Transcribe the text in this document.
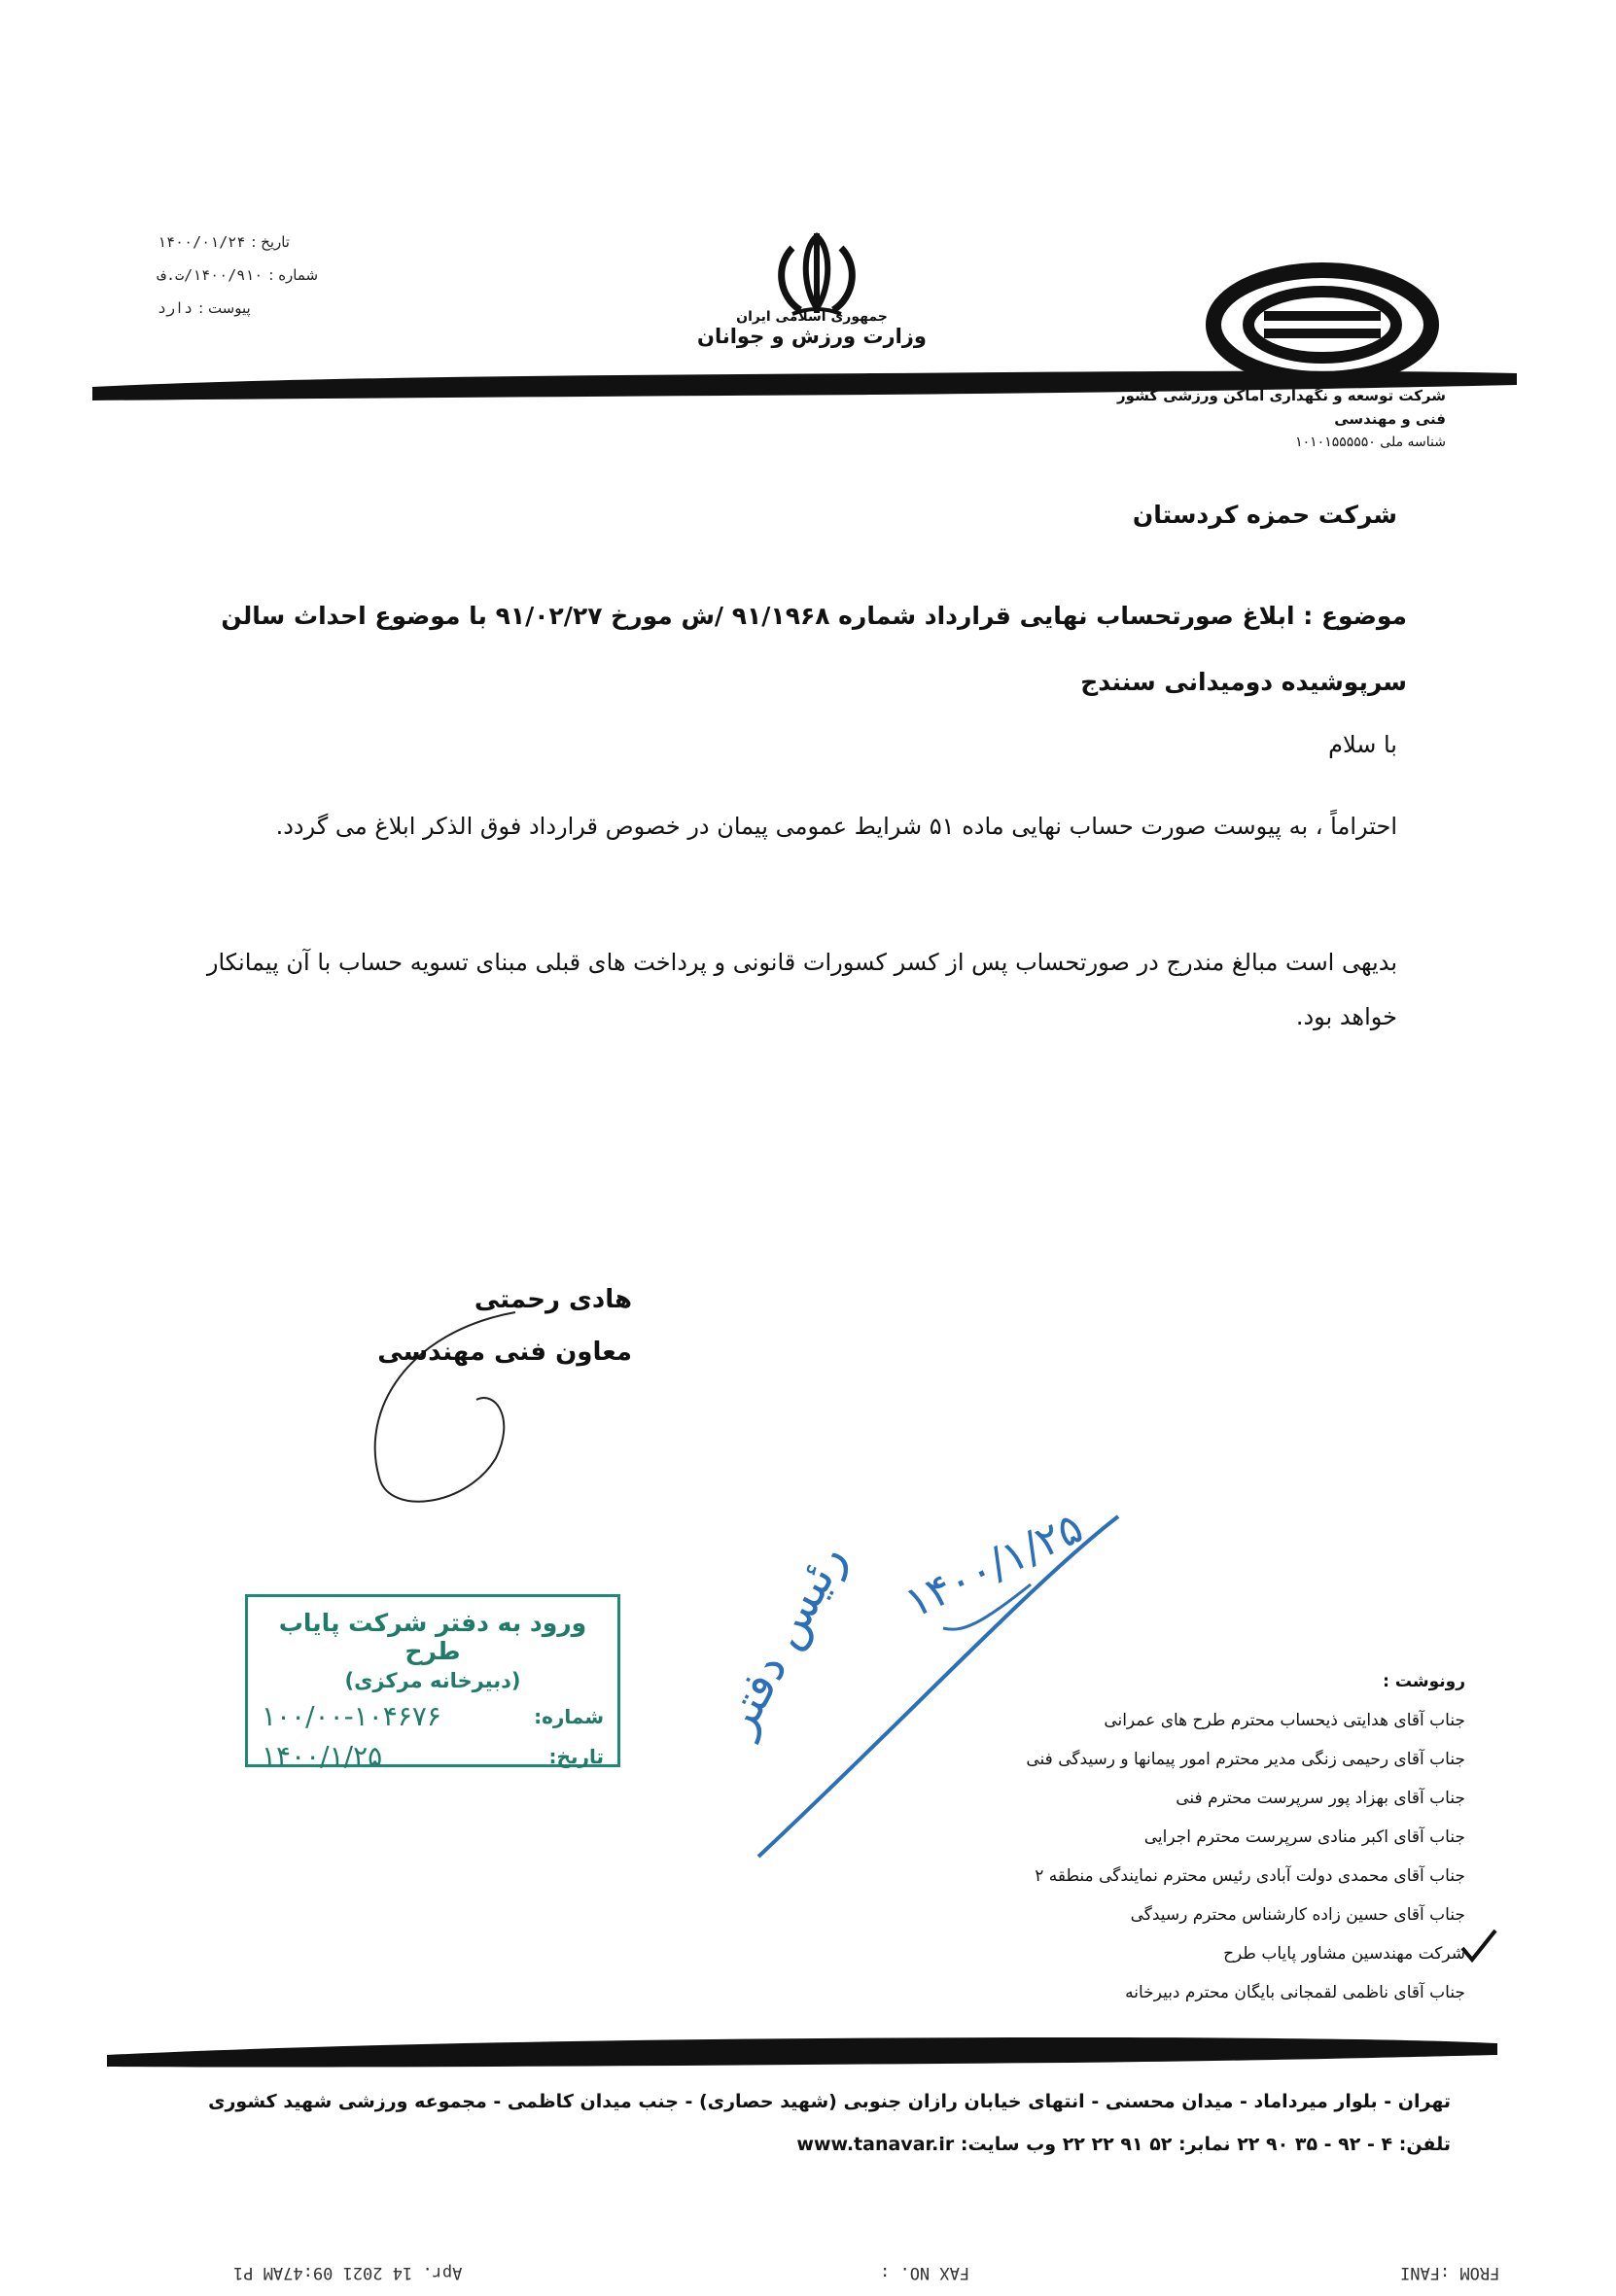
تاریخ :
۱۴۰۰/۰۱/۲۴
شماره :
۱۴۰۰/۹۱۰/ت.ف
پیوست :
دارد	جمهوری اسلامی ایران
وزارت ورزش و جوانان
شرکت توسعه و نگهداری اماکن ورزشی کشور
فنی و مهندسی
شناسه ملی ۱۰۱۰۱۵۵۵۵۵۰
شرکت حمزه کردستان
موضوع : ابلاغ صورتحساب نهایی قرارداد شماره ۹۱/۱۹۶۸ /ش مورخ ۹۱/۰۲/۲۷ با موضوع احداث سالن سرپوشیده دومیدانی سنندج
با سلام
احتراماً ، به پیوست صورت حساب نهایی ماده ۵۱ شرایط عمومی پیمان در خصوص قرارداد فوق الذکر ابلاغ می گردد.
بدیهی است مبالغ مندرج در صورتحساب پس از کسر کسورات قانونی و پرداخت های قبلی مبنای تسویه حساب با آن پیمانکار خواهد بود.
هادی رحمتی
معاون فنی مهندسی
رئیس دفتر ۱۴۰۰/۱/۲۵
ورود به دفتر شرکت پایاب طرح
(دبیرخانه مرکزی)
شماره:
۱۰۰/۰۰-۱۰۴۶۷۶
تاریخ:
۱۴۰۰/۱/۲۵
رونوشت :
جناب آقای هدایتی ذیحساب محترم طرح های عمرانی
جناب آقای رحیمی زنگی مدیر محترم امور پیمانها و رسیدگی فنی
جناب آقای بهزاد پور سرپرست محترم فنی
جناب آقای اکبر منادی سرپرست محترم اجرایی
جناب آقای محمدی دولت آبادی رئیس محترم نمایندگی منطقه ۲
جناب آقای حسین زاده کارشناس محترم رسیدگی
شرکت مهندسین مشاور پایاب طرح
جناب آقای ناظمی لقمجانی بایگان محترم دبیرخانه
تهران - بلوار میرداماد - میدان محسنی - انتهای خیابان رازان جنوبی (شهید حصاری) - جنب میدان کاظمی - مجموعه ورزشی شهید کشوری
تلفن: ۴ - ۹۲ - ۳۵ ۹۰ ۲۲ نمابر: ۵۲ ۹۱ ۲۲ ۲۲ وب سایت: www.tanavar.ir
FROM :FANI
FAX NO. :
Apr. 14 2021 09:47AM P1
